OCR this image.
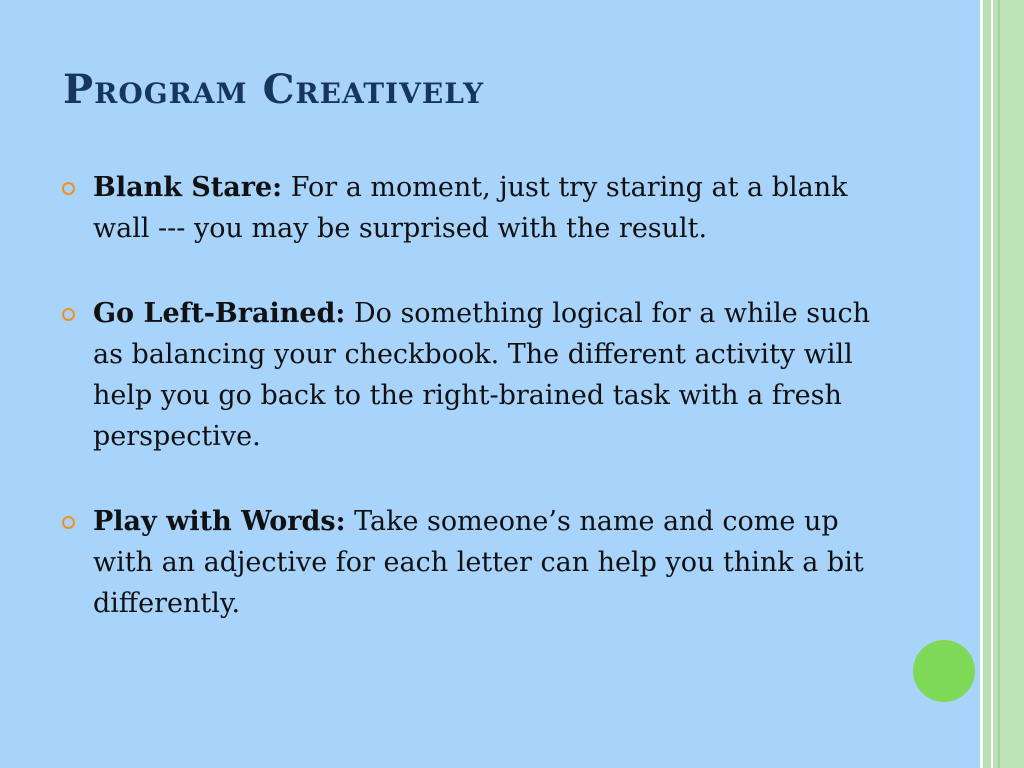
Program Creatively
Blank Stare: For a moment, just try staring at a blank wall --- you may be surprised with the result.
Go Left-Brained: Do something logical for a while such as balancing your checkbook. The different activity will help you go back to the right-brained task with a fresh perspective.
Play with Words: Take someone’s name and come up with an adjective for each letter can help you think a bit differently.
